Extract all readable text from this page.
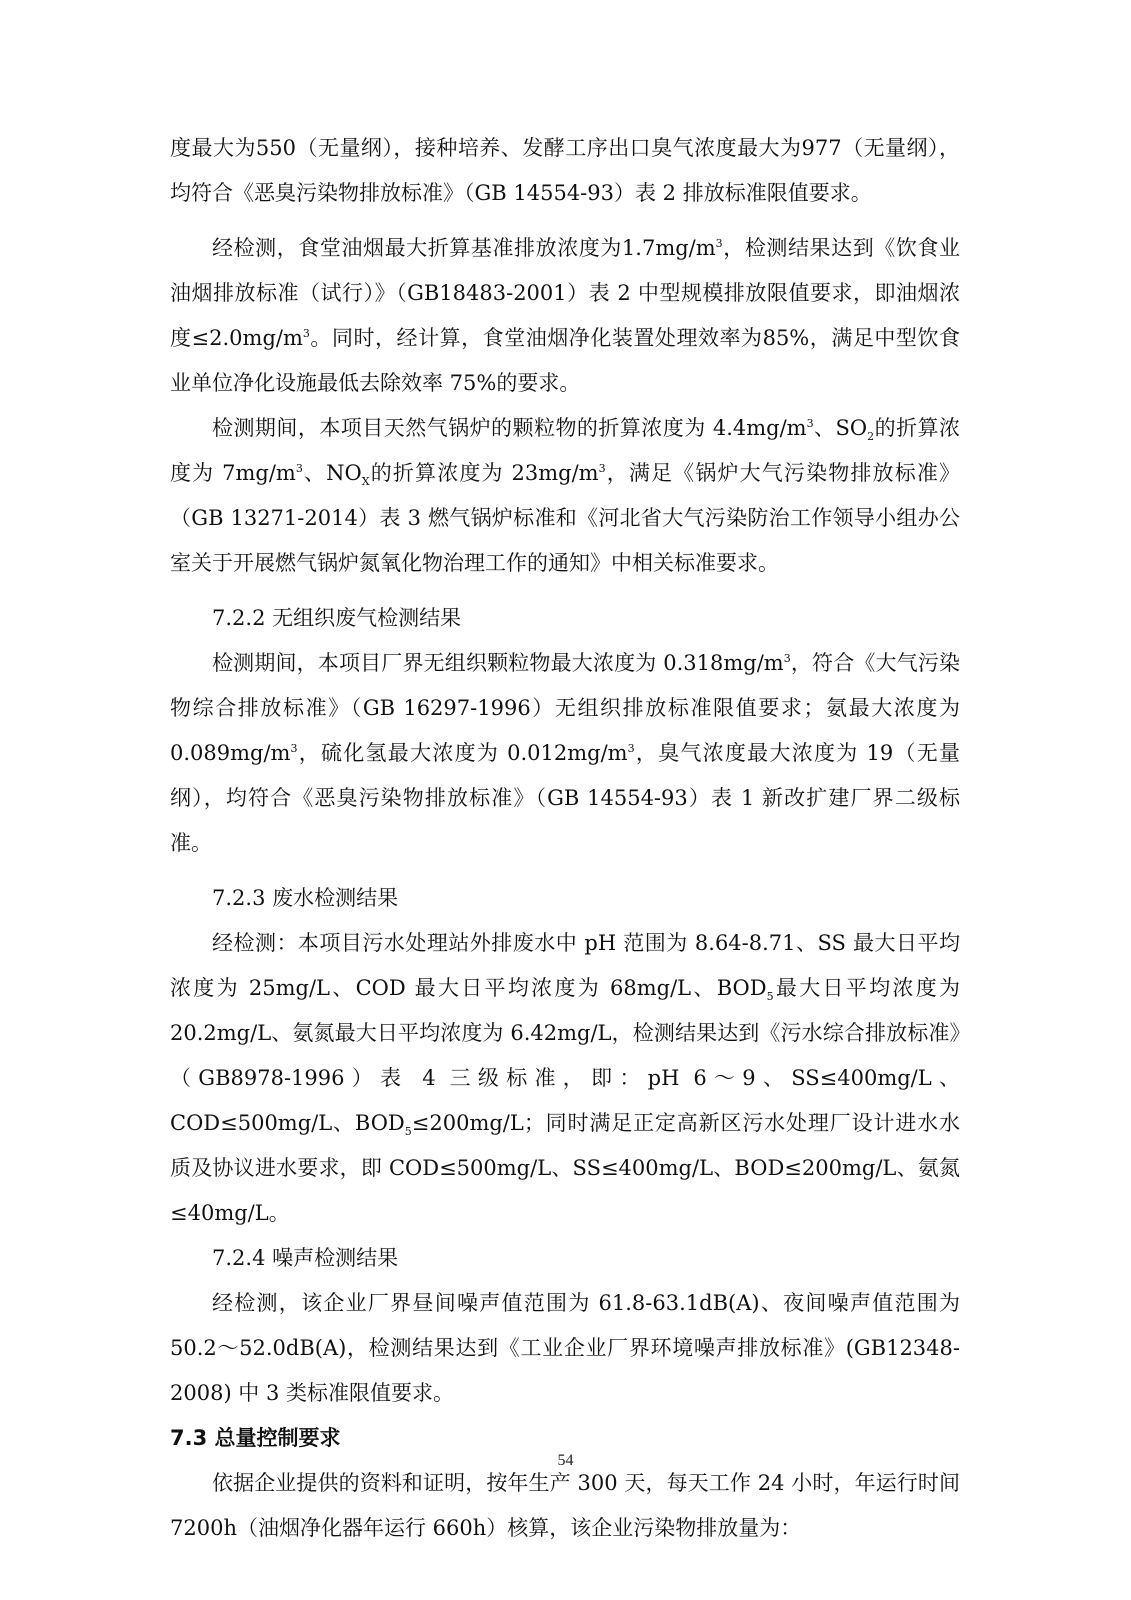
度最大为550（无量纲），接种培养、发酵工序出口臭气浓度最大为977（无量纲），均符合《恶臭污染物排放标准》（GB 14554-93）表 2 排放标准限值要求。

经检测，食堂油烟最大折算基准排放浓度为$1.7mg/m^3$，检测结果达到《饮食业油烟排放标准（试行）》（GB18483-2001）表 2 中型规模排放限值要求，即油烟浓度$\le 2.0mg/m^3$。同时，经计算，食堂油烟净化装置处理效率为85%，满足中型饮食业单位净化设施最低去除效率 75%的要求。

检测期间，本项目天然气锅炉的颗粒物的折算浓度为 $4.4mg/m^3$、$SO_2$的折算浓度为 $7mg/m^3$、$NO_X$的折算浓度为 $23mg/m^3$，满足《锅炉大气污染物排放标准》（GB 13271-2014）表 3 燃气锅炉标准和《河北省大气污染防治工作领导小组办公室关于开展燃气锅炉氮氧化物治理工作的通知》中相关标准要求。

7.2.2 无组织废气检测结果

检测期间，本项目厂界无组织颗粒物最大浓度为 $0.318mg/m^3$，符合《大气污染物综合排放标准》（GB 16297-1996）无组织排放标准限值要求；氨最大浓度为 $0.089mg/m^3$，硫化氢最大浓度为 $0.012mg/m^3$，臭气浓度最大浓度为 19（无量纲），均符合《恶臭污染物排放标准》（GB 14554-93）表 1 新改扩建厂界二级标准。

7.2.3 废水检测结果

经检测：本项目污水处理站外排废水中 pH 范围为 8.64-8.71、SS 最大日平均浓度为 25mg/L、COD 最大日平均浓度为 68mg/L、$BOD_5$最大日平均浓度为 20.2mg/L、氨氮最大日平均浓度为 6.42mg/L，检测结果达到《污水综合排放标准》（GB8978-1996）表 4 三级标准，即：pH 6～9、SS≤400mg/L、COD≤500mg/L、$BOD_5\le 200mg/L$；同时满足正定高新区污水处理厂设计进水水质及协议进水要求，即 COD≤500mg/L、SS≤400mg/L、BOD≤200mg/L、氨氮≤40mg/L。

7.2.4 噪声检测结果

经检测，该企业厂界昼间噪声值范围为 61.8-63.1dB(A)、夜间噪声值范围为 50.2～52.0dB(A)，检测结果达到《工业企业厂界环境噪声排放标准》(GB12348-2008) 中 3 类标准限值要求。

7.3 总量控制要求

依据企业提供的资料和证明，按年生产 300 天，每天工作 24 小时，年运行时间 7200h（油烟净化器年运行 660h）核算，该企业污染物排放量为：

54
